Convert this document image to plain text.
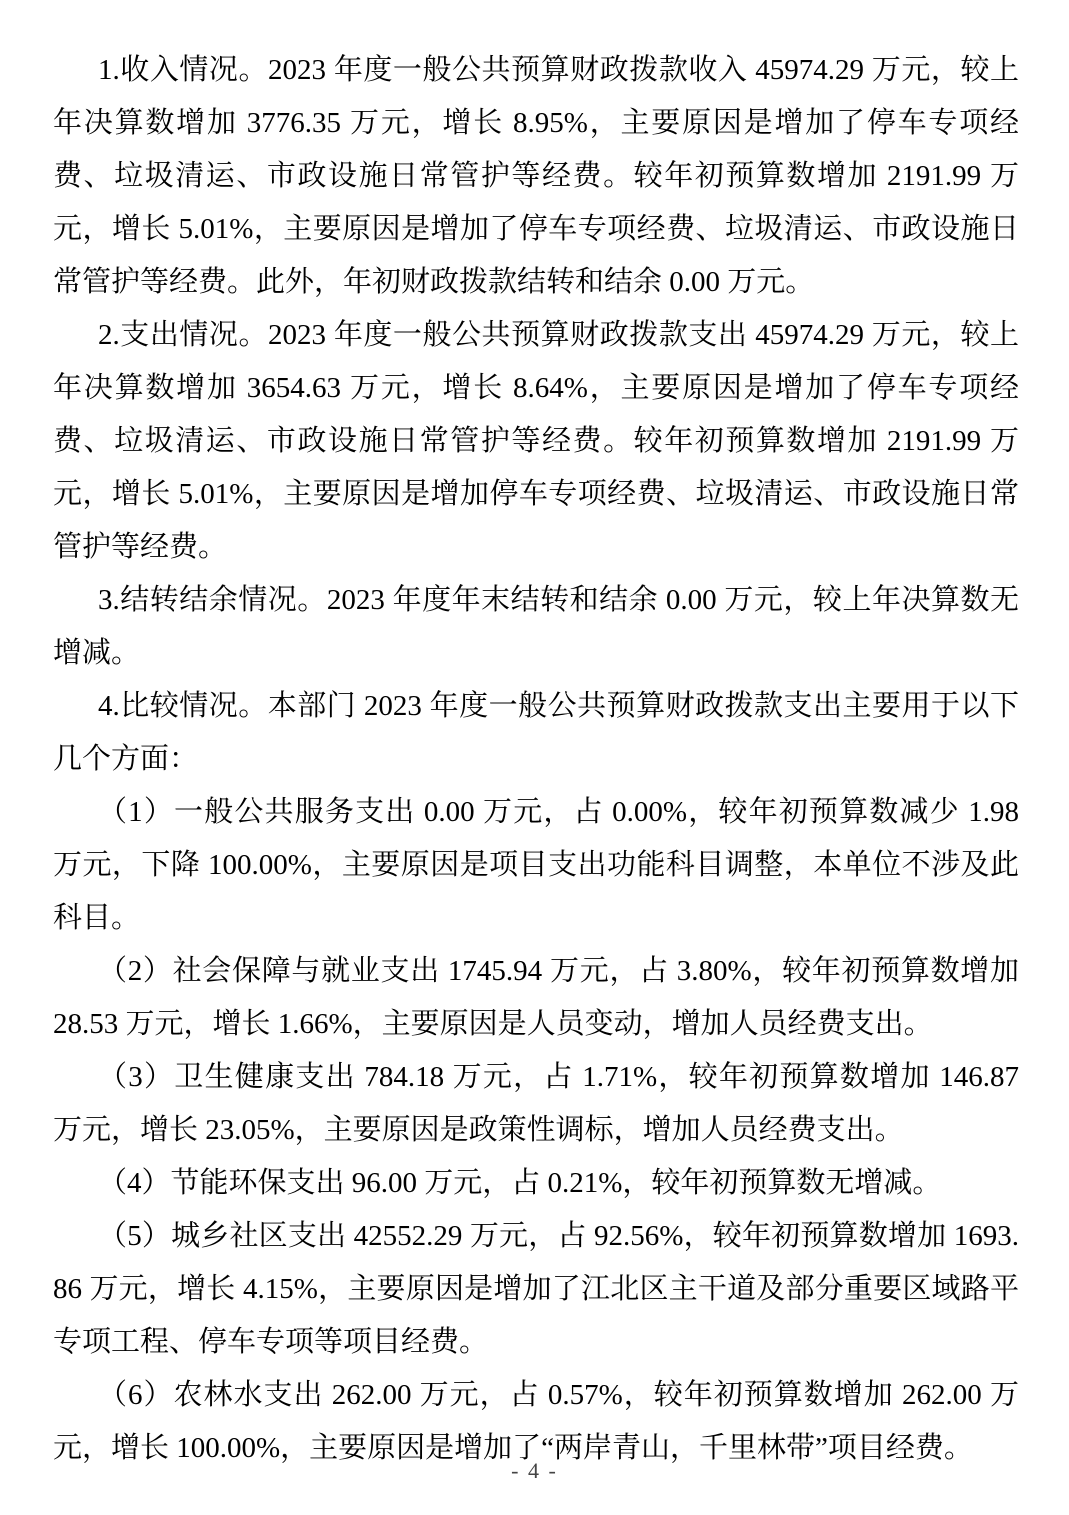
1.收入情况。2023 年度一般公共预算财政拨款收入 45974.29 万元，较上年决算数增加 3776.35 万元，增长 8.95%，主要原因是增加了停车专项经费、垃圾清运、市政设施日常管护等经费。较年初预算数增加 2191.99 万元，增长 5.01%，主要原因是增加了停车专项经费、垃圾清运、市政设施日常管护等经费。此外，年初财政拨款结转和结余 0.00 万元。

2.支出情况。2023 年度一般公共预算财政拨款支出 45974.29 万元，较上年决算数增加 3654.63 万元，增长 8.64%，主要原因是增加了停车专项经费、垃圾清运、市政设施日常管护等经费。较年初预算数增加 2191.99 万元，增长 5.01%，主要原因是增加停车专项经费、垃圾清运、市政设施日常管护等经费。

3.结转结余情况。2023 年度年末结转和结余 0.00 万元，较上年决算数无增减。

4.比较情况。本部门 2023 年度一般公共预算财政拨款支出主要用于以下几个方面：

（1）一般公共服务支出 0.00 万元，占 0.00%，较年初预算数减少 1.98 万元，下降 100.00%，主要原因是项目支出功能科目调整，本单位不涉及此科目。

（2）社会保障与就业支出 1745.94 万元，占 3.80%，较年初预算数增加 28.53 万元，增长 1.66%，主要原因是人员变动，增加人员经费支出。

（3）卫生健康支出 784.18 万元，占 1.71%，较年初预算数增加 146.87 万元，增长 23.05%，主要原因是政策性调标，增加人员经费支出。

（4）节能环保支出 96.00 万元，占 0.21%，较年初预算数无增减。

（5）城乡社区支出 42552.29 万元，占 92.56%，较年初预算数增加 1693.86 万元，增长 4.15%，主要原因是增加了江北区主干道及部分重要区域路平专项工程、停车专项等项目经费。

（6）农林水支出 262.00 万元，占 0.57%，较年初预算数增加 262.00 万元，增长 100.00%，主要原因是增加了“两岸青山，千里林带”项目经费。

- 4 -
